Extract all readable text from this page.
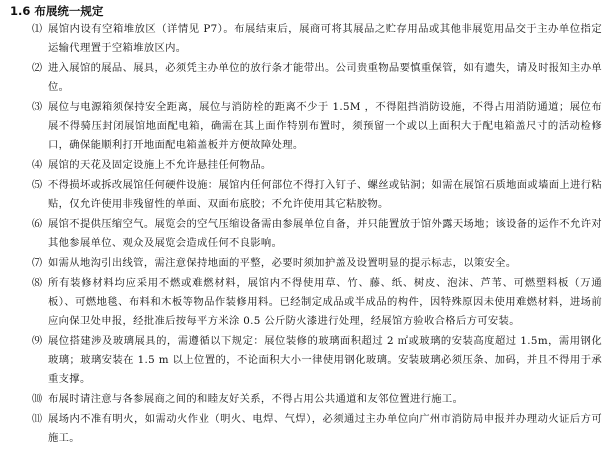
1.6 布展统一规定
⑴ 展馆内设有空箱堆放区（详情见 P7）。布展结束后，展商可将其展品之贮存用品或其他非展览用品交于主办单位指定运输代理置于空箱堆放区内。
⑵ 进入展馆的展品、展具，必须凭主办单位的放行条才能带出。公司贵重物品要慎重保管，如有遗失，请及时报知主办单位。
⑶ 展位与电源箱须保持安全距离，展位与消防栓的距离不少于 1.5M ，不得阻挡消防设施，不得占用消防通道；展位布展不得骑压封闭展馆地面配电箱，确需在其上面作特别布置时，须预留一个或以上面积大于配电箱盖尺寸的活动检修口，确保能顺利打开地面配电箱盖板并方便故障处理。
⑷ 展馆的天花及固定设施上不允许悬挂任何物品。
⑸ 不得损坏或拆改展馆任何硬件设施：展馆内任何部位不得打入钉子、螺丝或钻洞；如需在展馆石质地面或墙面上进行粘贴，仅允许使用非残留性的单面、双面布底胶；不允许使用其它粘胶物。
⑹ 展馆不提供压缩空气。展览会的空气压缩设备需由参展单位自备，并只能置放于馆外露天场地；该设备的运作不允许对其他参展单位、观众及展览会造成任何不良影响。
⑺ 如需从地沟引出线管，需注意保持地面的平整，必要时须加护盖及设置明显的提示标志，以策安全。
⑻ 所有装修材料均应采用不燃或难燃材料，展馆内不得使用草、竹、藤、纸、树皮、泡沫、芦苇、可燃塑料板（万通板）、可燃地毯、布料和木板等物品作装修用料。已经制定成品或半成品的构件，因特殊原因未使用难燃材料，进场前应向保卫处申报，经批准后按每平方米涂 0.5 公斤防火漆进行处理，经展馆方验收合格后方可安装。
⑼ 展位搭建涉及玻璃展具的，需遵循以下规定：展位装修的玻璃面积超过 2 ㎡或玻璃的安装高度超过 1.5m，需用钢化玻璃；玻璃安装在 1.5 m 以上位置的，不论面积大小一律使用钢化玻璃。安装玻璃必须压条、加码，并且不得用于承重支撑。
⑽ 布展时请注意与各参展商之间的和睦友好关系，不得占用公共通道和友邻位置进行施工。
⑾ 展场内不准有明火，如需动火作业（明火、电焊、气焊），必须通过主办单位向广州市消防局申报并办理动火证后方可施工。
